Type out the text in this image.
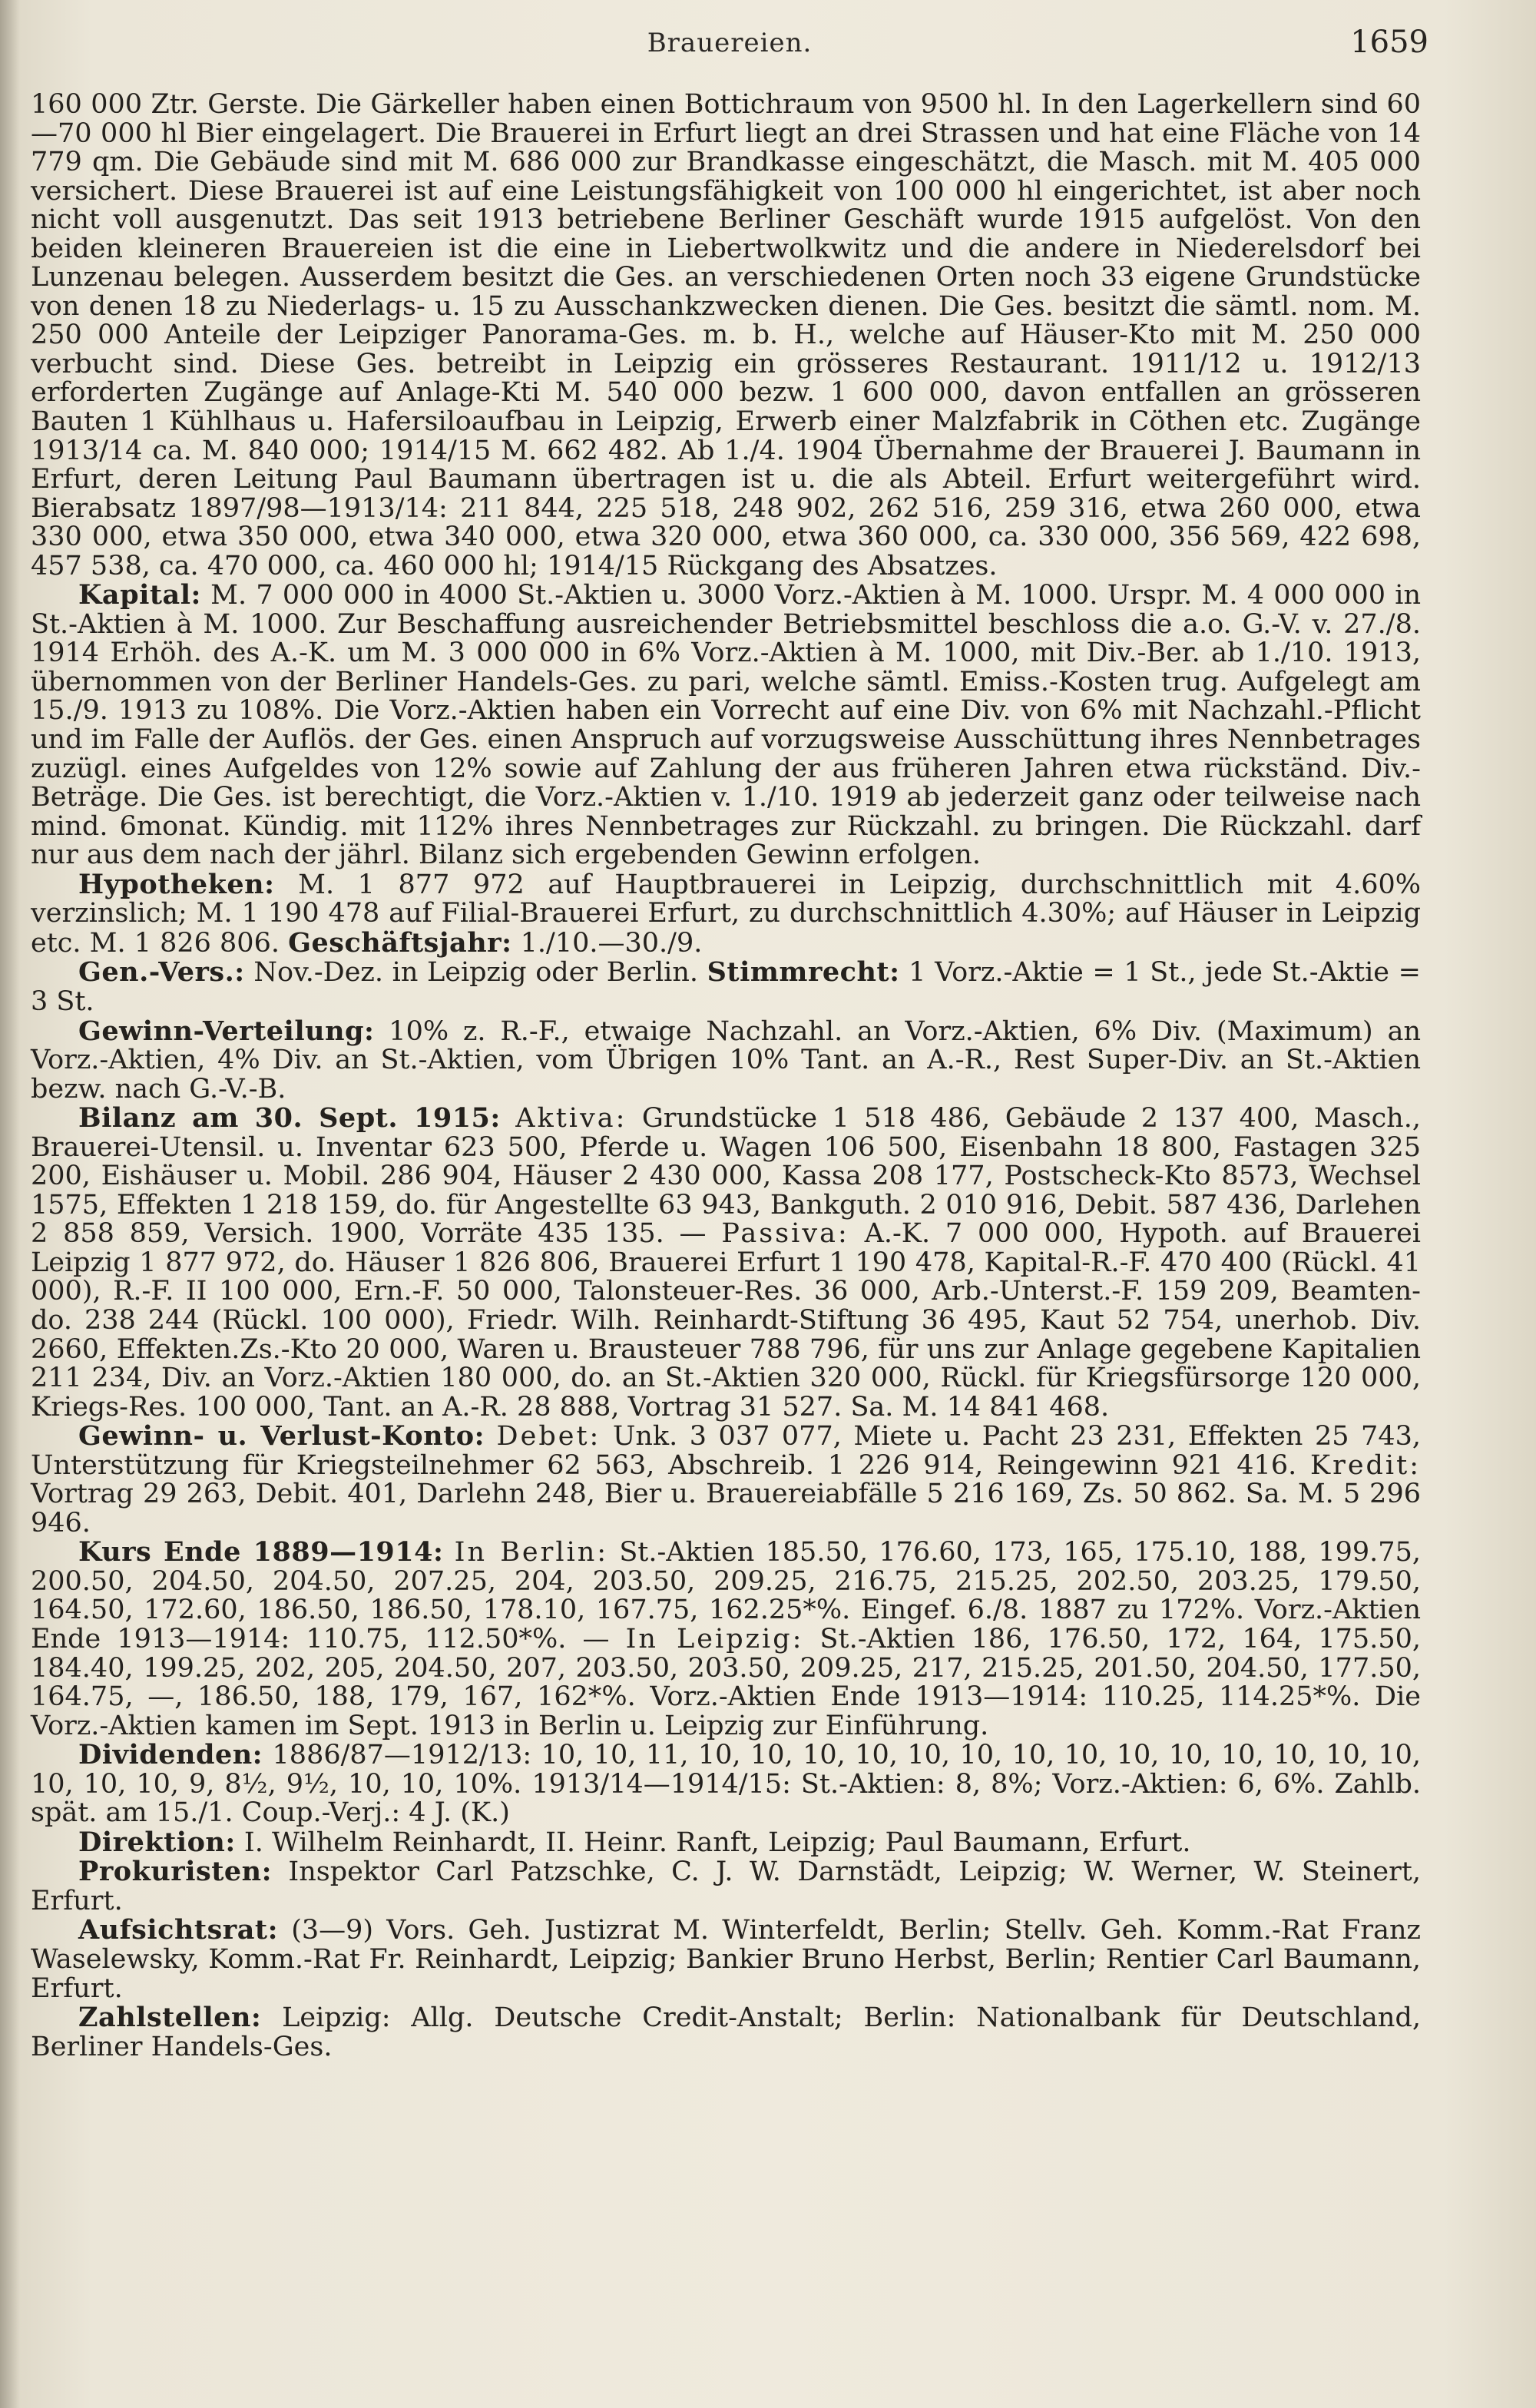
Brauereien.	1659

160 000 Ztr. Gerste. Die Gärkeller haben einen Bottichraum von 9500 hl. In den Lagerkellern sind 60—70 000 hl Bier eingelagert. Die Brauerei in Erfurt liegt an drei Strassen und hat eine Fläche von 14 779 qm. Die Gebäude sind mit M. 686 000 zur Brandkasse eingeschätzt, die Masch. mit M. 405 000 versichert. Diese Brauerei ist auf eine Leistungsfähigkeit von 100 000 hl eingerichtet, ist aber noch nicht voll ausgenutzt. Das seit 1913 betriebene Berliner Geschäft wurde 1915 aufgelöst. Von den beiden kleineren Brauereien ist die eine in Liebertwolkwitz und die andere in Niederelsdorf bei Lunzenau belegen. Ausserdem besitzt die Ges. an verschiedenen Orten noch 33 eigene Grundstücke von denen 18 zu Niederlags- u. 15 zu Ausschankzwecken dienen. Die Ges. besitzt die sämtl. nom. M. 250 000 Anteile der Leipziger Panorama-Ges. m. b. H., welche auf Häuser-Kto mit M. 250 000 verbucht sind. Diese Ges. betreibt in Leipzig ein grösseres Restaurant. 1911/12 u. 1912/13 erforderten Zugänge auf Anlage-Kti M. 540 000 bezw. 1 600 000, davon entfallen an grösseren Bauten 1 Kühlhaus u. Hafersiloaufbau in Leipzig, Erwerb einer Malzfabrik in Cöthen etc. Zugänge 1913/14 ca. M. 840 000; 1914/15 M. 662 482. Ab 1./4. 1904 Übernahme der Brauerei J. Baumann in Erfurt, deren Leitung Paul Baumann übertragen ist u. die als Abteil. Erfurt weitergeführt wird. Bierabsatz 1897/98—1913/14: 211 844, 225 518, 248 902, 262 516, 259 316, etwa 260 000, etwa 330 000, etwa 350 000, etwa 340 000, etwa 320 000, etwa 360 000, ca. 330 000, 356 569, 422 698, 457 538, ca. 470 000, ca. 460 000 hl; 1914/15 Rückgang des Absatzes.

Kapital: M. 7 000 000 in 4000 St.-Aktien u. 3000 Vorz.-Aktien à M. 1000. Urspr. M. 4 000 000 in St.-Aktien à M. 1000. Zur Beschaffung ausreichender Betriebsmittel beschloss die a.o. G.-V. v. 27./8. 1914 Erhöh. des A.-K. um M. 3 000 000 in 6% Vorz.-Aktien à M. 1000, mit Div.-Ber. ab 1./10. 1913, übernommen von der Berliner Handels-Ges. zu pari, welche sämtl. Emiss.-Kosten trug. Aufgelegt am 15./9. 1913 zu 108%. Die Vorz.-Aktien haben ein Vorrecht auf eine Div. von 6% mit Nachzahl.-Pflicht und im Falle der Auflös. der Ges. einen Anspruch auf vorzugsweise Ausschüttung ihres Nennbetrages zuzügl. eines Aufgeldes von 12% sowie auf Zahlung der aus früheren Jahren etwa rückständ. Div.-Beträge. Die Ges. ist berechtigt, die Vorz.-Aktien v. 1./10. 1919 ab jederzeit ganz oder teilweise nach mind. 6monat. Kündig. mit 112% ihres Nennbetrages zur Rückzahl. zu bringen. Die Rückzahl. darf nur aus dem nach der jährl. Bilanz sich ergebenden Gewinn erfolgen.

Hypotheken: M. 1 877 972 auf Hauptbrauerei in Leipzig, durchschnittlich mit 4.60% verzinslich; M. 1 190 478 auf Filial-Brauerei Erfurt, zu durchschnittlich 4.30%; auf Häuser in Leipzig etc. M. 1 826 806. Geschäftsjahr: 1./10.—30./9.

Gen.-Vers.: Nov.-Dez. in Leipzig oder Berlin. Stimmrecht: 1 Vorz.-Aktie = 1 St., jede St.-Aktie = 3 St.

Gewinn-Verteilung: 10% z. R.-F., etwaige Nachzahl. an Vorz.-Aktien, 6% Div. (Maximum) an Vorz.-Aktien, 4% Div. an St.-Aktien, vom Übrigen 10% Tant. an A.-R., Rest Super-Div. an St.-Aktien bezw. nach G.-V.-B.

Bilanz am 30. Sept. 1915: Aktiva: Grundstücke 1 518 486, Gebäude 2 137 400, Masch., Brauerei-Utensil. u. Inventar 623 500, Pferde u. Wagen 106 500, Eisenbahn 18 800, Fastagen 325 200, Eishäuser u. Mobil. 286 904, Häuser 2 430 000, Kassa 208 177, Postscheck-Kto 8573, Wechsel 1575, Effekten 1 218 159, do. für Angestellte 63 943, Bankguth. 2 010 916, Debit. 587 436, Darlehen 2 858 859, Versich. 1900, Vorräte 435 135. — Passiva: A.-K. 7 000 000, Hypoth. auf Brauerei Leipzig 1 877 972, do. Häuser 1 826 806, Brauerei Erfurt 1 190 478, Kapital-R.-F. 470 400 (Rückl. 41 000), R.-F. II 100 000, Ern.-F. 50 000, Talonsteuer-Res. 36 000, Arb.-Unterst.-F. 159 209, Beamten- do. 238 244 (Rückl. 100 000), Friedr. Wilh. Reinhardt-Stiftung 36 495, Kaut 52 754, unerhob. Div. 2660, Effekten.Zs.-Kto 20 000, Waren u. Brausteuer 788 796, für uns zur Anlage gegebene Kapitalien 211 234, Div. an Vorz.-Aktien 180 000, do. an St.-Aktien 320 000, Rückl. für Kriegsfürsorge 120 000, Kriegs-Res. 100 000, Tant. an A.-R. 28 888, Vortrag 31 527. Sa. M. 14 841 468.

Gewinn- u. Verlust-Konto: Debet: Unk. 3 037 077, Miete u. Pacht 23 231, Effekten 25 743, Unterstützung für Kriegsteilnehmer 62 563, Abschreib. 1 226 914, Reingewinn 921 416. Kredit: Vortrag 29 263, Debit. 401, Darlehn 248, Bier u. Brauereiabfälle 5 216 169, Zs. 50 862. Sa. M. 5 296 946.

Kurs Ende 1889—1914: In Berlin: St.-Aktien 185.50, 176.60, 173, 165, 175.10, 188, 199.75, 200.50, 204.50, 204.50, 207.25, 204, 203.50, 209.25, 216.75, 215.25, 202.50, 203.25, 179.50, 164.50, 172.60, 186.50, 186.50, 178.10, 167.75, 162.25*%. Eingef. 6./8. 1887 zu 172%. Vorz.-Aktien Ende 1913—1914: 110.75, 112.50*%. — In Leipzig: St.-Aktien 186, 176.50, 172, 164, 175.50, 184.40, 199.25, 202, 205, 204.50, 207, 203.50, 203.50, 209.25, 217, 215.25, 201.50, 204.50, 177.50, 164.75, —, 186.50, 188, 179, 167, 162*%. Vorz.-Aktien Ende 1913—1914: 110.25, 114.25*%. Die Vorz.-Aktien kamen im Sept. 1913 in Berlin u. Leipzig zur Einführung.

Dividenden: 1886/87—1912/13: 10, 10, 11, 10, 10, 10, 10, 10, 10, 10, 10, 10, 10, 10, 10, 10, 10, 10, 10, 10, 9, 8½, 9½, 10, 10, 10%. 1913/14—1914/15: St.-Aktien: 8, 8%; Vorz.-Aktien: 6, 6%. Zahlb. spät. am 15./1. Coup.-Verj.: 4 J. (K.)

Direktion: I. Wilhelm Reinhardt, II. Heinr. Ranft, Leipzig; Paul Baumann, Erfurt.

Prokuristen: Inspektor Carl Patzschke, C. J. W. Darnstädt, Leipzig; W. Werner, W. Steinert, Erfurt.

Aufsichtsrat: (3—9) Vors. Geh. Justizrat M. Winterfeldt, Berlin; Stellv. Geh. Komm.-Rat Franz Waselewsky, Komm.-Rat Fr. Reinhardt, Leipzig; Bankier Bruno Herbst, Berlin; Rentier Carl Baumann, Erfurt.

Zahlstellen: Leipzig: Allg. Deutsche Credit-Anstalt; Berlin: Nationalbank für Deutschland, Berliner Handels-Ges.
